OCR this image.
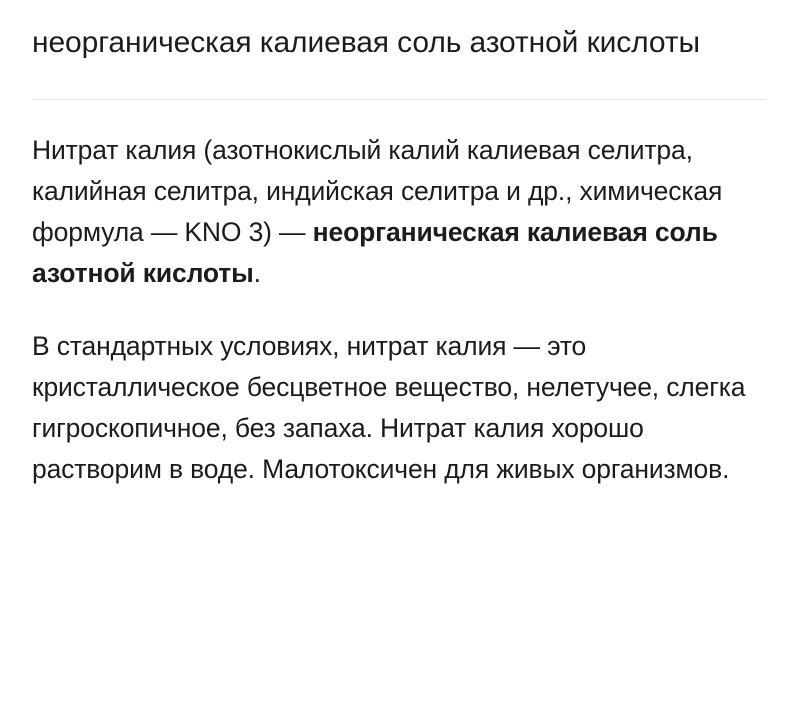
неорганическая калиевая соль азотной кислоты

Нитрат калия (азотнокислый калий калиевая селитра, калийная селитра, индийская селитра и др., химическая формула — KNO 3) — неорганическая калиевая соль азотной кислоты.

В стандартных условиях, нитрат калия — это кристаллическое бесцветное вещество, нелетучее, слегка гигроскопичное, без запаха. Нитрат калия хорошо растворим в воде. Малотоксичен для живых организмов.
